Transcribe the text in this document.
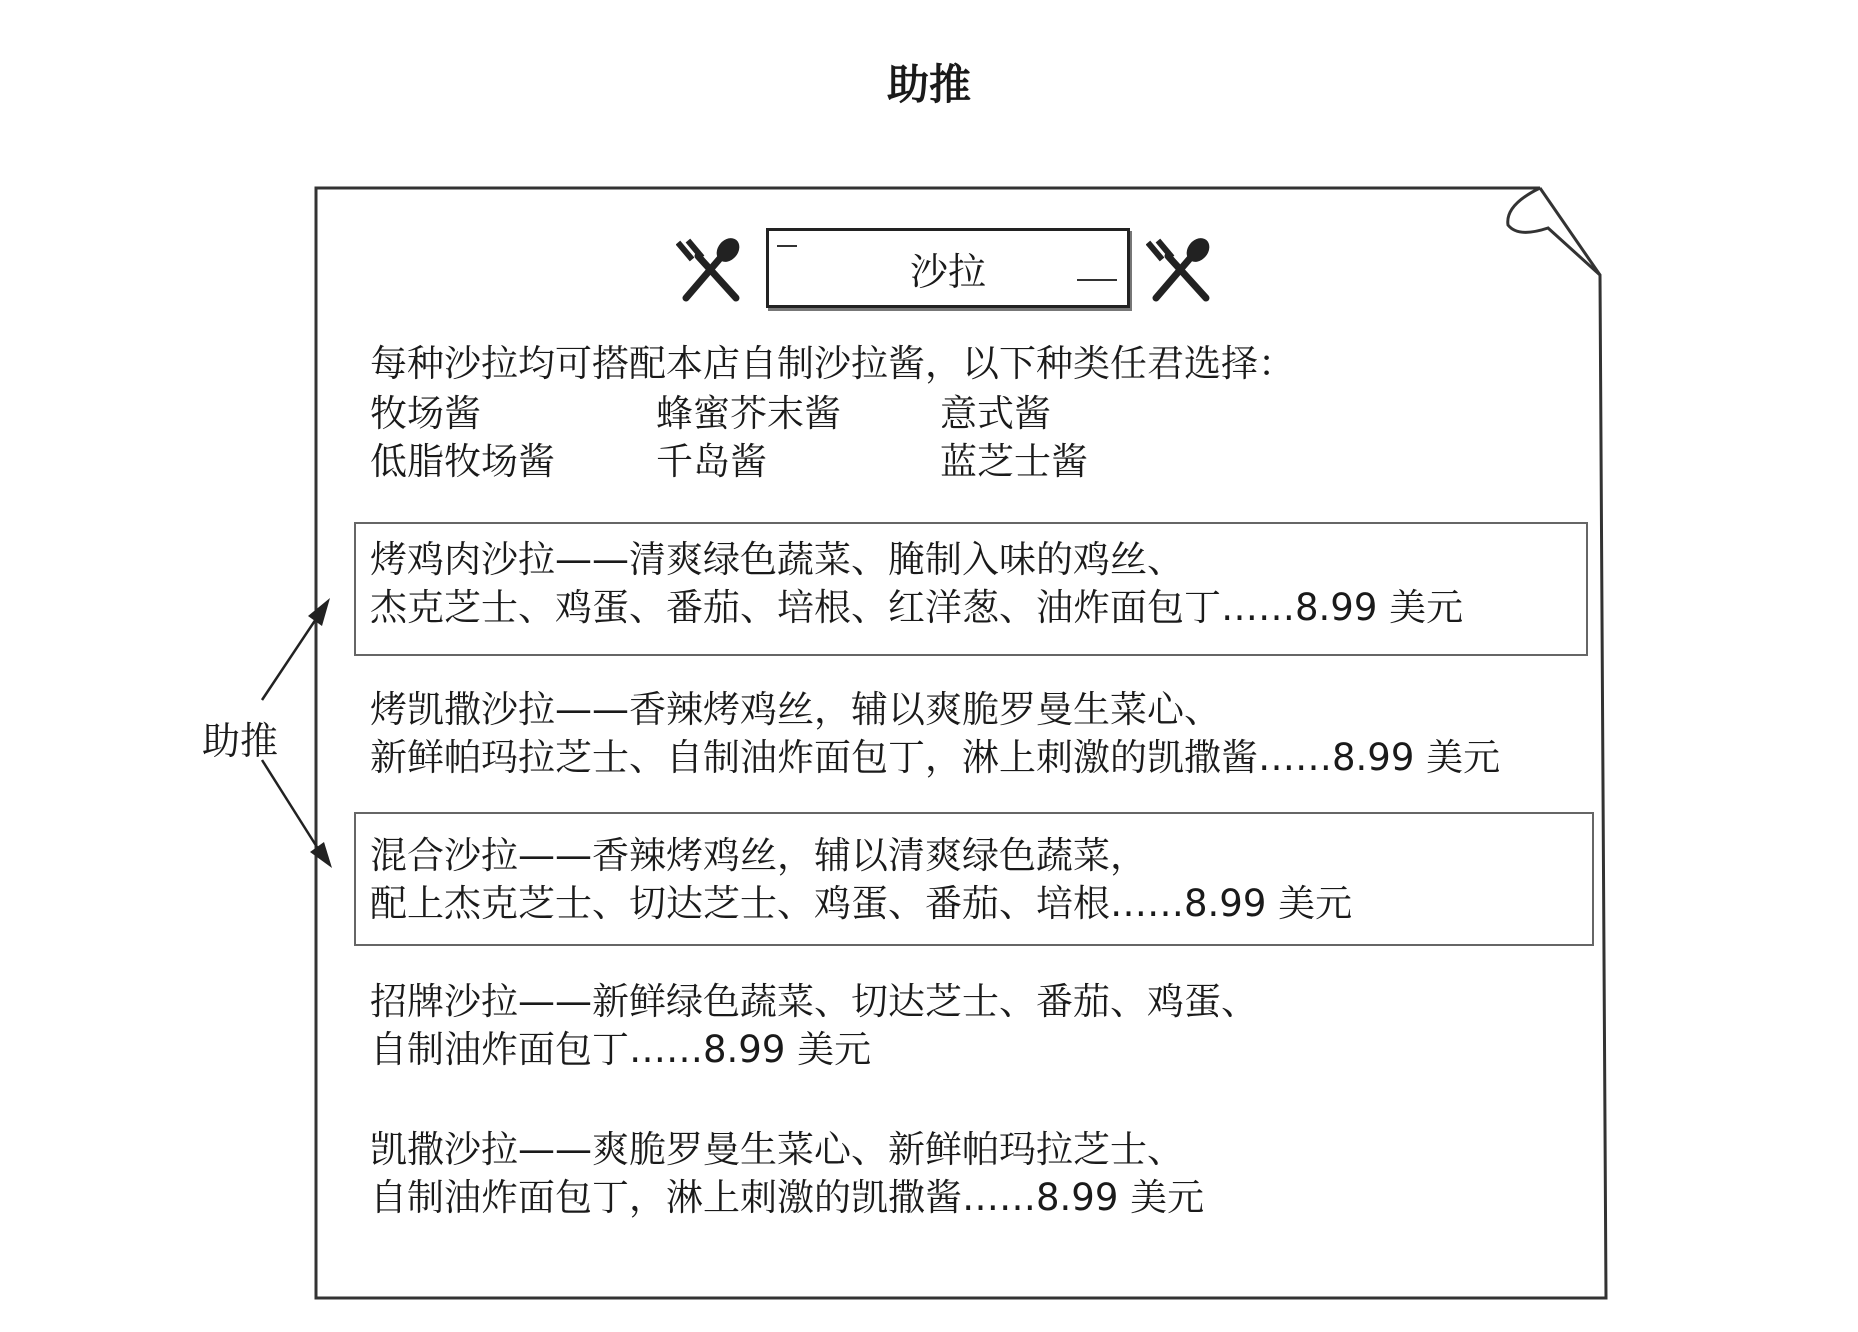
助推
沙拉
每种沙拉均可搭配本店自制沙拉酱，以下种类任君选择：
牧场酱	蜂蜜芥末酱	意式酱
低脂牧场酱	千岛酱	蓝芝士酱
烤鸡肉沙拉——清爽绿色蔬菜、腌制入味的鸡丝、
杰克芝士、鸡蛋、番茄、培根、红洋葱、油炸面包丁……8.99 美元
烤凯撒沙拉——香辣烤鸡丝，辅以爽脆罗曼生菜心、
新鲜帕玛拉芝士、自制油炸面包丁，淋上刺激的凯撒酱……8.99 美元
混合沙拉——香辣烤鸡丝，辅以清爽绿色蔬菜，
配上杰克芝士、切达芝士、鸡蛋、番茄、培根……8.99 美元
招牌沙拉——新鲜绿色蔬菜、切达芝士、番茄、鸡蛋、
自制油炸面包丁……8.99 美元
凯撒沙拉——爽脆罗曼生菜心、新鲜帕玛拉芝士、
自制油炸面包丁，淋上刺激的凯撒酱……8.99 美元
助推
